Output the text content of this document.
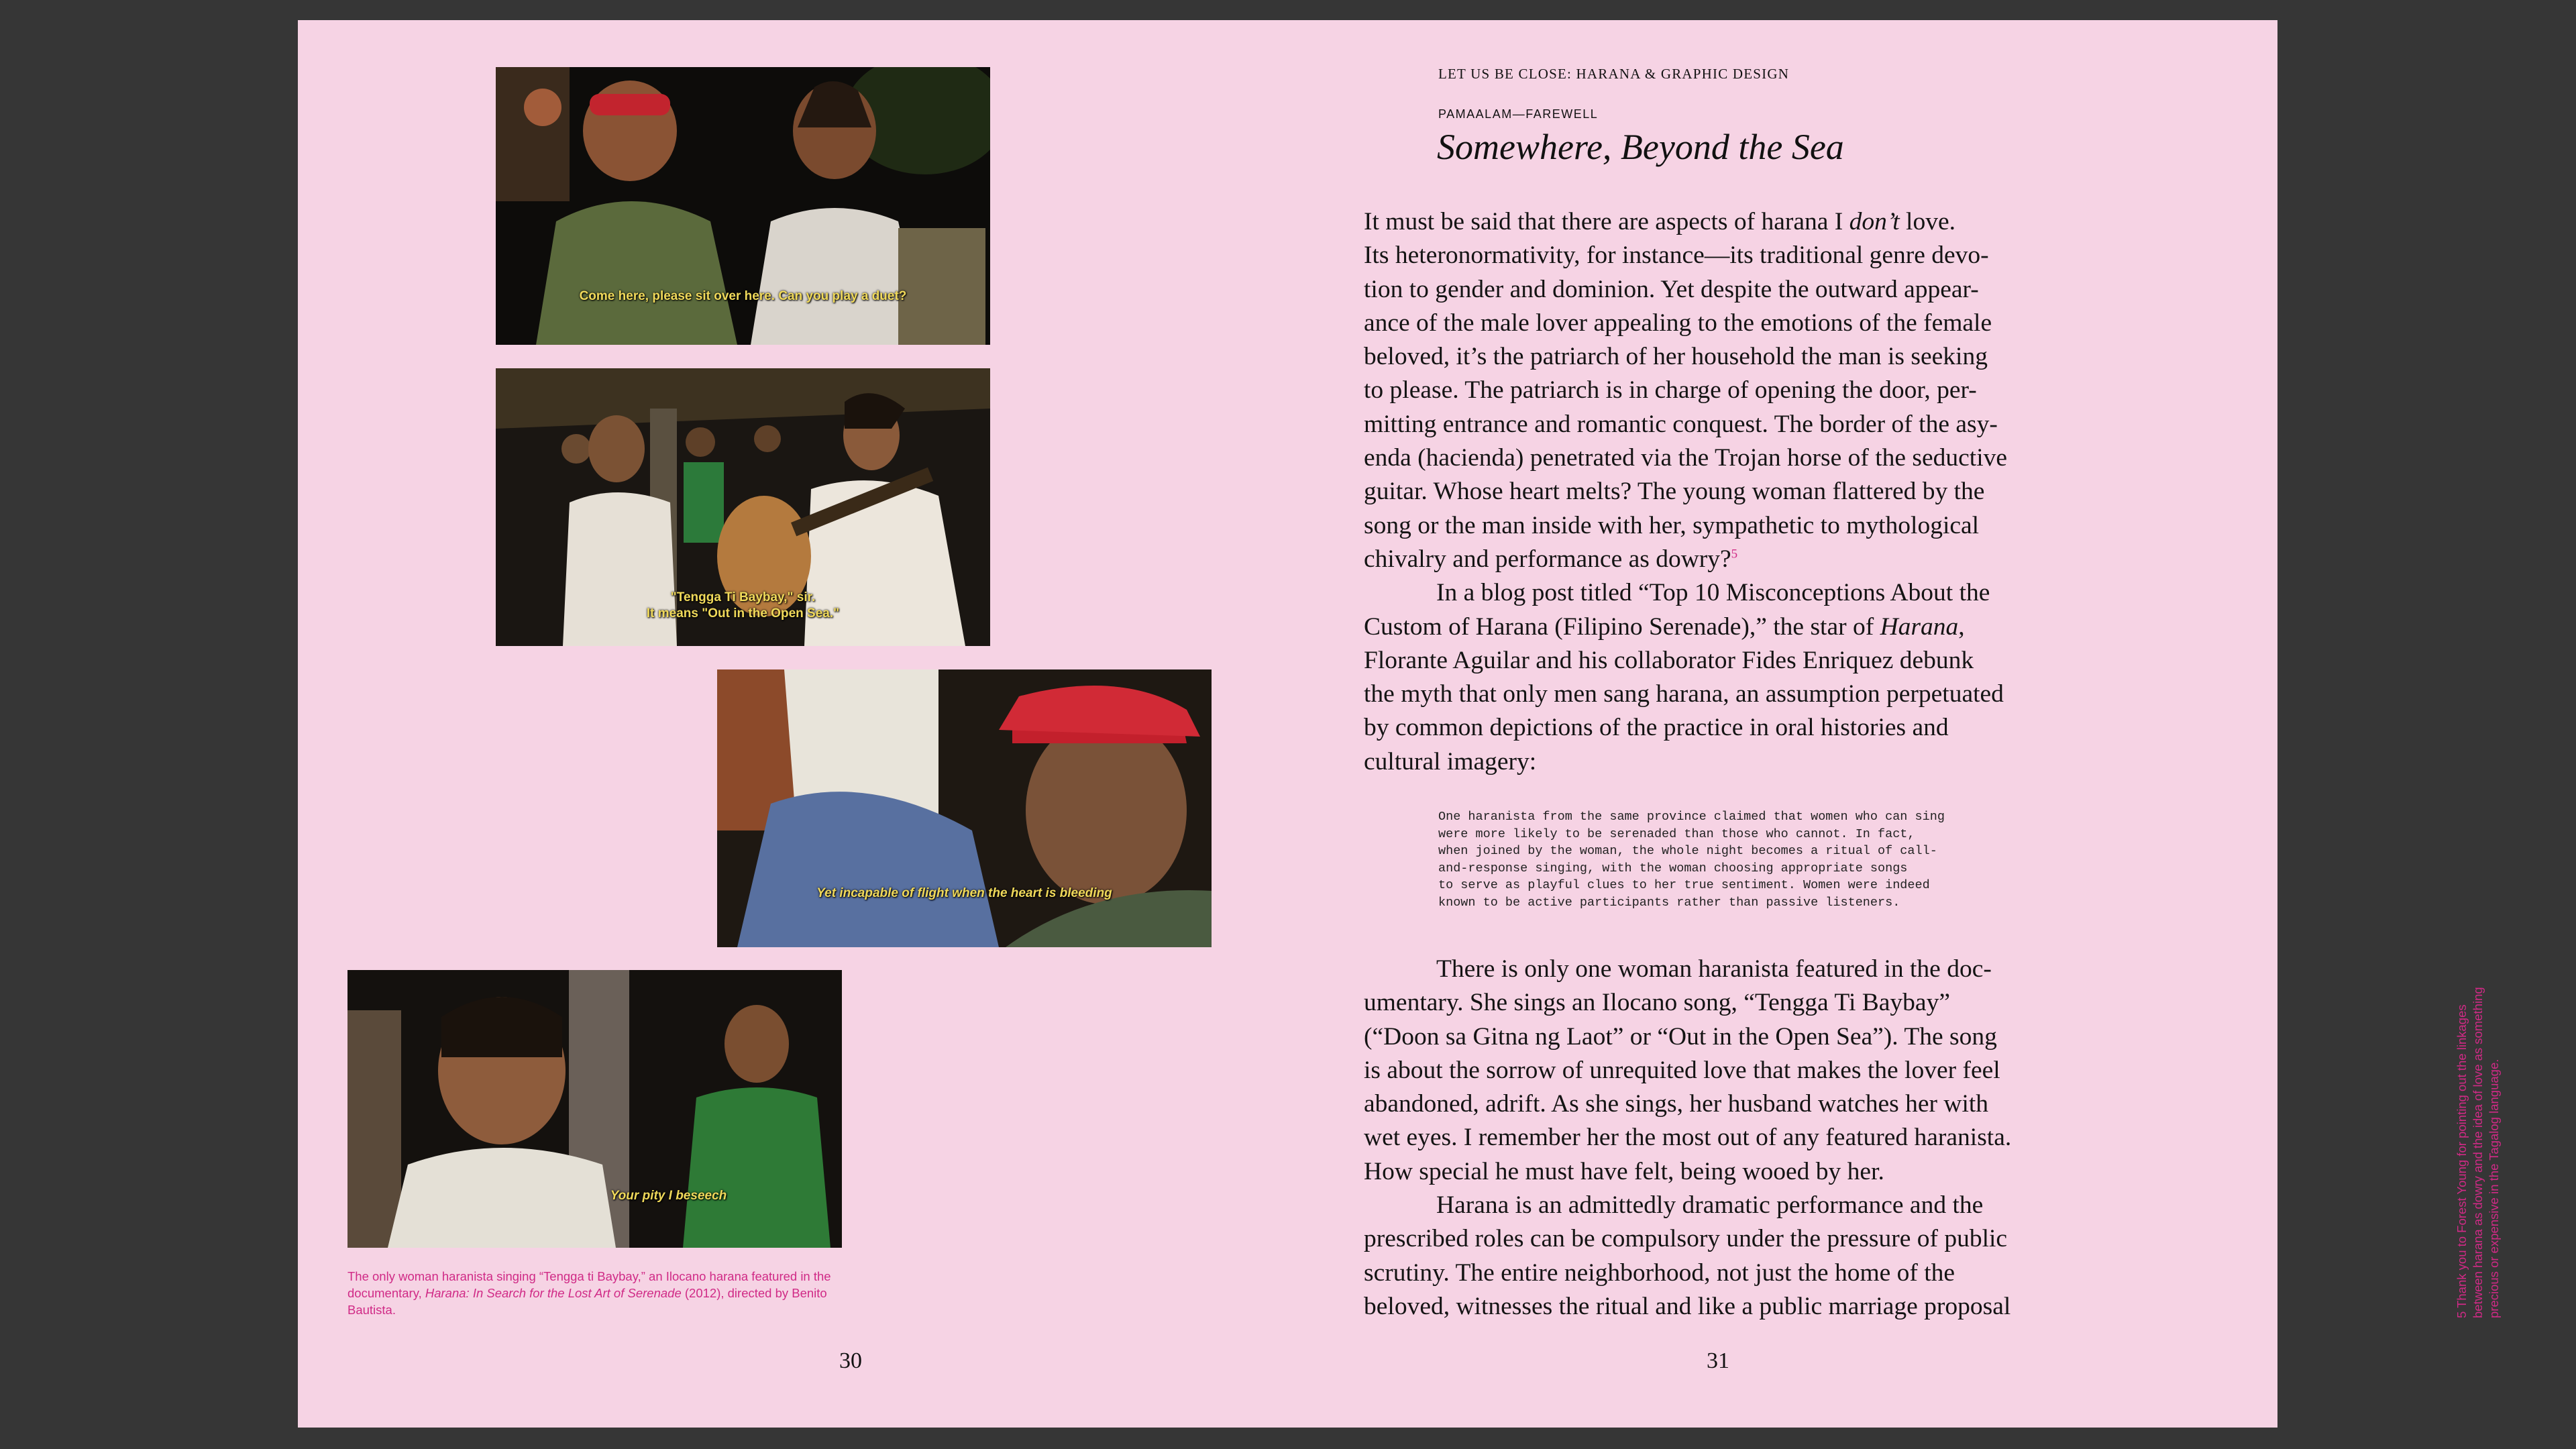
Come here, please sit over here. Can you play a duet?
"Tengga Ti Baybay," sir.
It means "Out in the Open Sea."
Yet incapable of flight when the heart is bleeding
Your pity I beseech
The only woman haranista singing “Tengga ti Baybay,” an Ilocano harana featured in the documentary, Harana: In Search for the Lost Art of Serenade (2012), directed by Benito Bautista.
30
LET US BE CLOSE: HARANA & GRAPHIC DESIGN
PAMAALAM—FAREWELL
Somewhere, Beyond the Sea
It must be said that there are aspects of harana I don’t love.
Its heteronormativity, for instance—its traditional genre devo-
tion to gender and dominion. Yet despite the outward appear-
ance of the male lover appealing to the emotions of the female
beloved, it’s the patriarch of her household the man is seeking
to please. The patriarch is in charge of opening the door, per-
mitting entrance and romantic conquest. The border of the asy-
enda (hacienda) penetrated via the Trojan horse of the seductive
guitar. Whose heart melts? The young woman flattered by the
song or the man inside with her, sympathetic to mythological
chivalry and performance as dowry?$^5$
In a blog post titled “Top 10 Misconceptions About the
Custom of Harana (Filipino Serenade),” the star of Harana,
Florante Aguilar and his collaborator Fides Enriquez debunk
the myth that only men sang harana, an assumption perpetuated
by common depictions of the practice in oral histories and
cultural imagery:
One haranista from the same province claimed that women who can sing
were more likely to be serenaded than those who cannot. In fact,
when joined by the woman, the whole night becomes a ritual of call-
and-response singing, with the woman choosing appropriate songs
to serve as playful clues to her true sentiment. Women were indeed
known to be active participants rather than passive listeners.
There is only one woman haranista featured in the doc-
umentary. She sings an Ilocano song, “Tengga Ti Baybay”
(“Doon sa Gitna ng Laot” or “Out in the Open Sea”). The song
is about the sorrow of unrequited love that makes the lover feel
abandoned, adrift. As she sings, her husband watches her with
wet eyes. I remember her the most out of any featured haranista.
How special he must have felt, being wooed by her.
Harana is an admittedly dramatic performance and the
prescribed roles can be compulsory under the pressure of public
scrutiny. The entire neighborhood, not just the home of the
beloved, witnesses the ritual and like a public marriage proposal	5 Thank you to Forest Young for pointing out the linkages between harana as dowry and the idea of love as something precious or expensive in the Tagalog language.
31
